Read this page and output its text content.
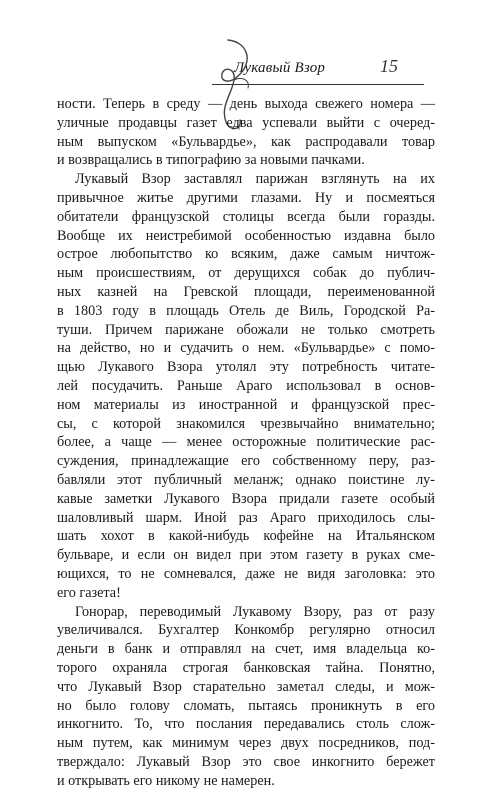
Лукавый Взор	15

ности. Теперь в среду — день выхода свежего номера —
уличные продавцы газет едва успевали выйти с очеред-
ным выпуском «Бульвардье», как распродавали товар
и возвращались в типографию за новыми пачками.

Лукавый Взор заставлял парижан взглянуть на их
привычное житье другими глазами. Ну и посмеяться
обитатели французской столицы всегда были горазды.
Вообще их неистребимой особенностью издавна было
острое любопытство ко всяким, даже самым ничтож-
ным происшествиям, от дерущихся собак до публич-
ных казней на Гревской площади, переименованной
в 1803 году в площадь Отель де Виль, Городской Ра-
туши. Причем парижане обожали не только смотреть
на действо, но и судачить о нем. «Бульвардье» с помо-
щью Лукавого Взора утолял эту потребность читате-
лей посудачить. Раньше Араго использовал в основ-
ном материалы из иностранной и французской прес-
сы, с которой знакомился чрезвычайно внимательно;
более, а чаще — менее осторожные политические рас-
суждения, принадлежащие его собственному перу, раз-
бавляли этот публичный меланж; однако поистине лу-
кавые заметки Лукавого Взора придали газете особый
шаловливый шарм. Иной раз Араго приходилось слы-
шать хохот в какой-нибудь кофейне на Итальянском
бульваре, и если он видел при этом газету в руках сме-
ющихся, то не сомневался, даже не видя заголовка: это
его газета!

Гонорар, переводимый Лукавому Взору, раз от разу
увеличивался. Бухгалтер Конкомбр регулярно относил
деньги в банк и отправлял на счет, имя владельца ко-
торого охраняла строгая банковская тайна. Понятно,
что Лукавый Взор старательно заметал следы, и мож-
но было голову сломать, пытаясь проникнуть в его
инкогнито. То, что послания передавались столь слож-
ным путем, как минимум через двух посредников, под-
тверждало: Лукавый Взор это свое инкогнито бережет
и открывать его никому не намерен.
